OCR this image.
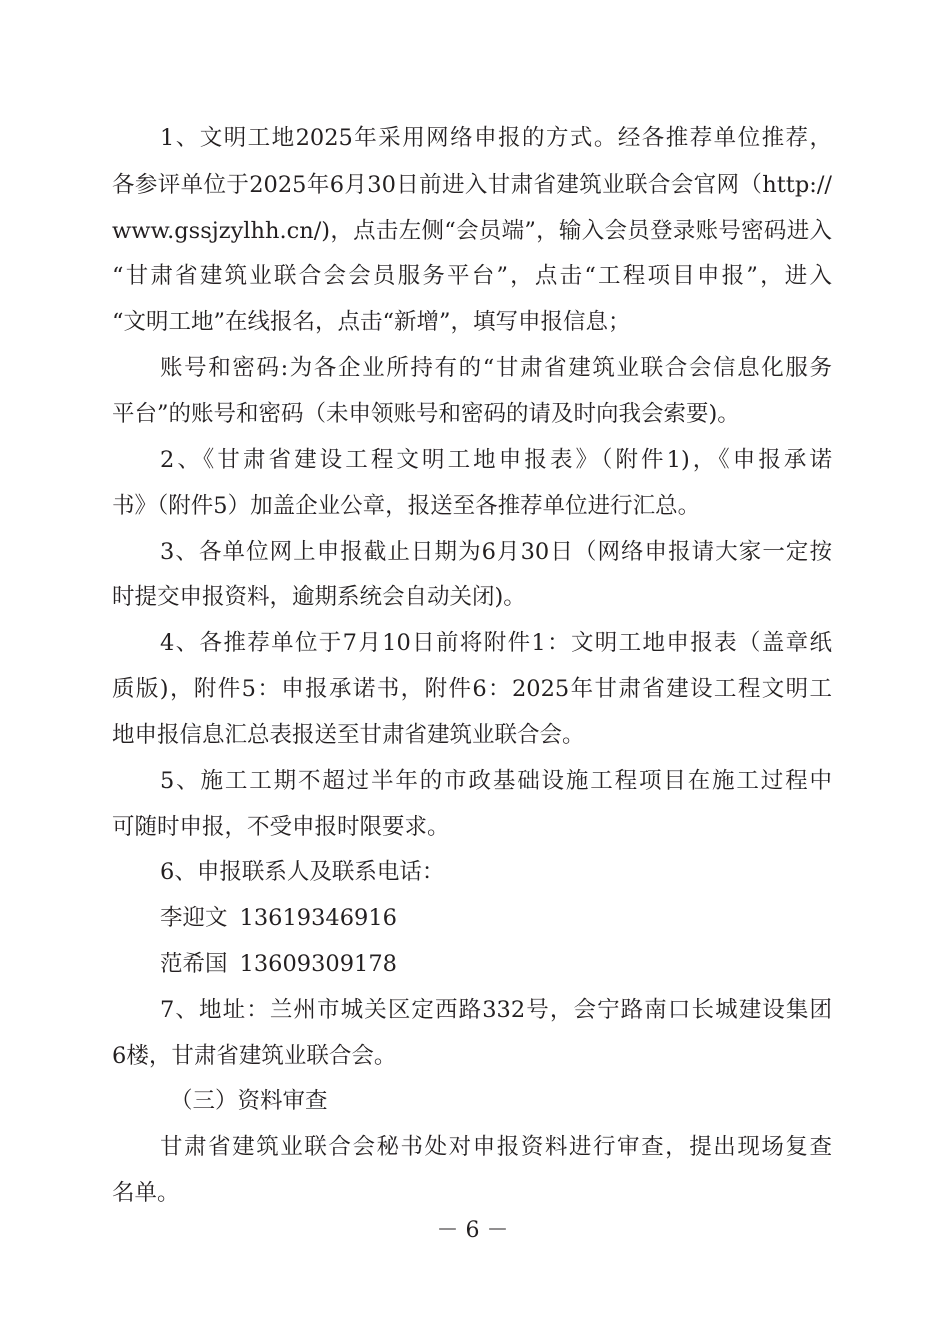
1、文明工地2025年采用网络申报的方式。经各推荐单位推荐，
各参评单位于2025年6月30日前进入甘肃省建筑业联合会官网（http://
www.gssjzylhh.cn/)，点击左侧“会员端”，输入会员登录账号密码进入
“甘肃省建筑业联合会会员服务平台”，点击“工程项目申报”，进入
“文明工地”在线报名，点击“新增”，填写申报信息；
账号和密码:为各企业所持有的“甘肃省建筑业联合会信息化服务
平台”的账号和密码（未申领账号和密码的请及时向我会索要)。
2、《甘肃省建设工程文明工地申报表》（附件1)，《申报承诺
书》（附件5）加盖企业公章，报送至各推荐单位进行汇总。
3、各单位网上申报截止日期为6月30日（网络申报请大家一定按
时提交申报资料，逾期系统会自动关闭)。
4、各推荐单位于7月10日前将附件1：文明工地申报表（盖章纸
质版)，附件5：申报承诺书，附件6：2025年甘肃省建设工程文明工
地申报信息汇总表报送至甘肃省建筑业联合会。
5、施工工期不超过半年的市政基础设施工程项目在施工过程中
可随时申报，不受申报时限要求。
6、申报联系人及联系电话：
李迎文 13619346916
范希国 13609309178
7、地址：兰州市城关区定西路332号，会宁路南口长城建设集团
6楼，甘肃省建筑业联合会。
（三）资料审查
甘肃省建筑业联合会秘书处对申报资料进行审查，提出现场复查
名单。
－ 6 －
